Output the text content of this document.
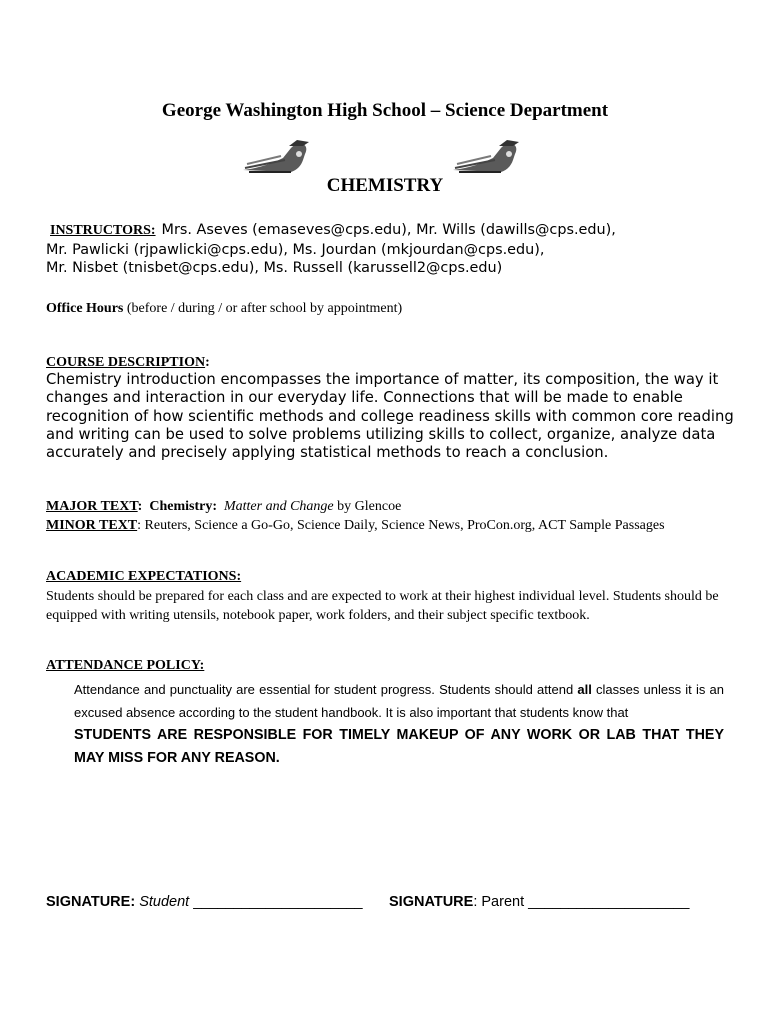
George Washington High School – Science Department
CHEMISTRY
INSTRUCTORS: Mrs. Aseves (emaseves@cps.edu), Mr. Wills (dawills@cps.edu),
Mr. Pawlicki (rjpawlicki@cps.edu), Ms. Jourdan (mkjourdan@cps.edu),
Mr. Nisbet (tnisbet@cps.edu), Ms. Russell (karussell2@cps.edu)
Office Hours (before / during / or after school by appointment)
COURSE DESCRIPTION:
Chemistry introduction encompasses the importance of matter, its composition, the way it changes and interaction in our everyday life. Connections that will be made to enable recognition of how scientific methods and college readiness skills with common core reading and writing can be used to solve problems utilizing skills to collect, organize, analyze data accurately and precisely applying statistical methods to reach a conclusion.
MAJOR TEXT: Chemistry: Matter and Change by Glencoe
MINOR TEXT: Reuters, Science a Go-Go, Science Daily, Science News, ProCon.org, ACT Sample Passages
ACADEMIC EXPECTATIONS:
Students should be prepared for each class and are expected to work at their highest individual level. Students should be equipped with writing utensils, notebook paper, work folders, and their subject specific textbook.
ATTENDANCE POLICY:
Attendance and punctuality are essential for student progress. Students should attend all classes unless it is an excused absence according to the student handbook. It is also important that students know that
STUDENTS ARE RESPONSIBLE FOR TIMELY MAKEUP OF ANY WORK OR LAB THAT THEY MAY MISS FOR ANY REASON.
SIGNATURE: Student _____________________ SIGNATURE: Parent ____________________
